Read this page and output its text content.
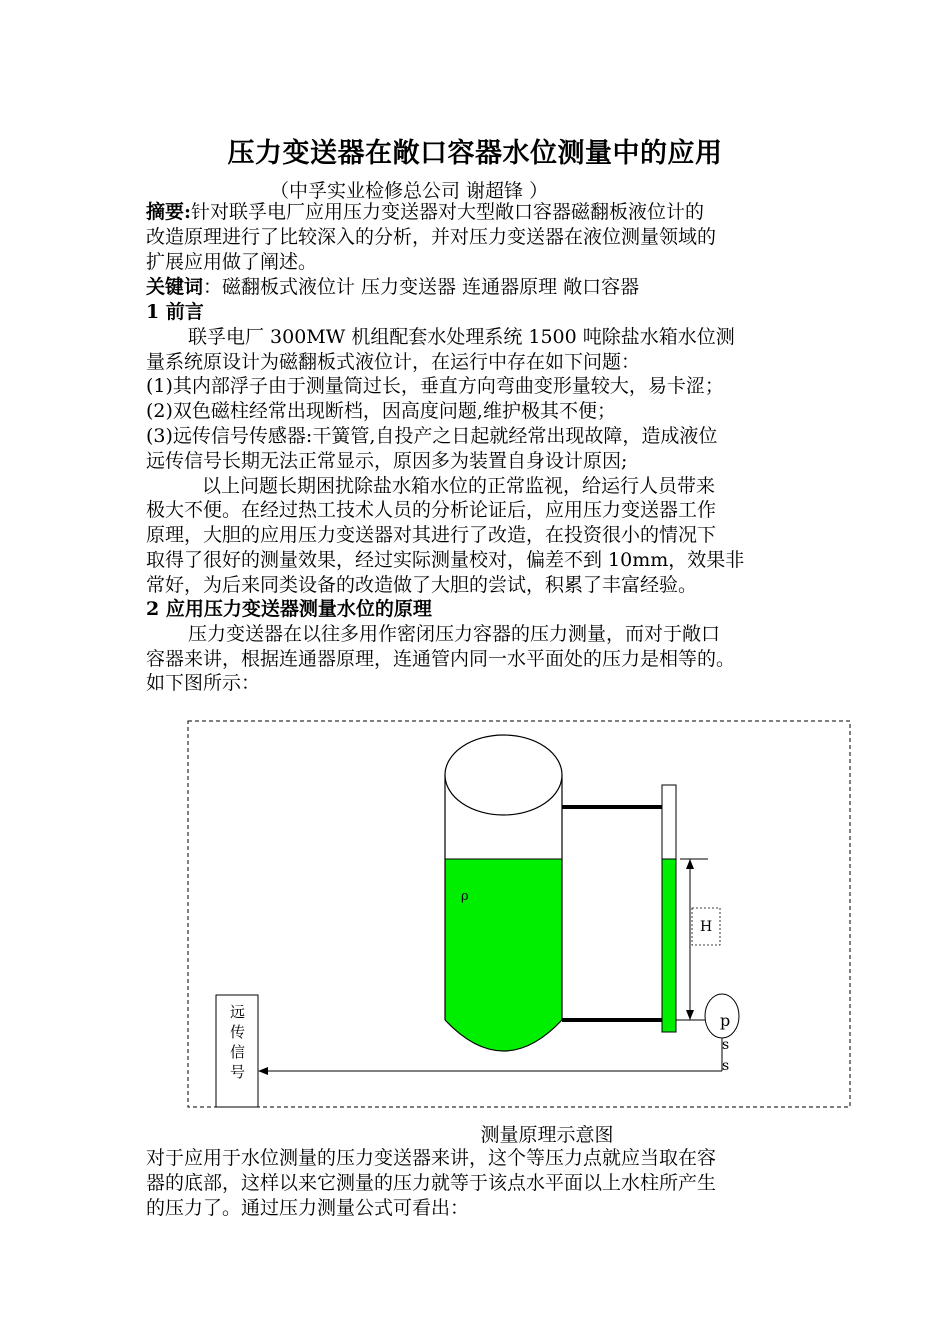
压力变送器在敞口容器水位测量中的应用
（中孚实业检修总公司 谢超锋 ）
摘要:针对联孚电厂应用压力变送器对大型敞口容器磁翻板液位计的
改造原理进行了比较深入的分析，并对压力变送器在液位测量领域的
扩展应用做了阐述。
关键词：磁翻板式液位计 压力变送器 连通器原理 敞口容器
1 前言
联孚电厂 300MW 机组配套水处理系统 1500 吨除盐水箱水位测
量系统原设计为磁翻板式液位计，在运行中存在如下问题：
(1)其内部浮子由于测量筒过长，垂直方向弯曲变形量较大，易卡涩；
(2)双色磁柱经常出现断档，因高度问题,维护极其不便；
(3)远传信号传感器:干簧管,自投产之日起就经常出现故障，造成液位
远传信号长期无法正常显示，原因多为装置自身设计原因;
以上问题长期困扰除盐水箱水位的正常监视，给运行人员带来
极大不便。在经过热工技术人员的分析论证后，应用压力变送器工作
原理，大胆的应用压力变送器对其进行了改造，在投资很小的情况下
取得了很好的测量效果，经过实际测量校对，偏差不到 10mm，效果非
常好，为后来同类设备的改造做了大胆的尝试，积累了丰富经验。
2 应用压力变送器测量水位的原理
压力变送器在以往多用作密闭压力容器的压力测量，而对于敞口
容器来讲，根据连通器原理，连通管内同一水平面处的压力是相等的。
如下图所示：
ρ
H
p
s
s
远
传
信
号
测量原理示意图
对于应用于水位测量的压力变送器来讲，这个等压力点就应当取在容
器的底部，这样以来它测量的压力就等于该点水平面以上水柱所产生
的压力了。通过压力测量公式可看出：
